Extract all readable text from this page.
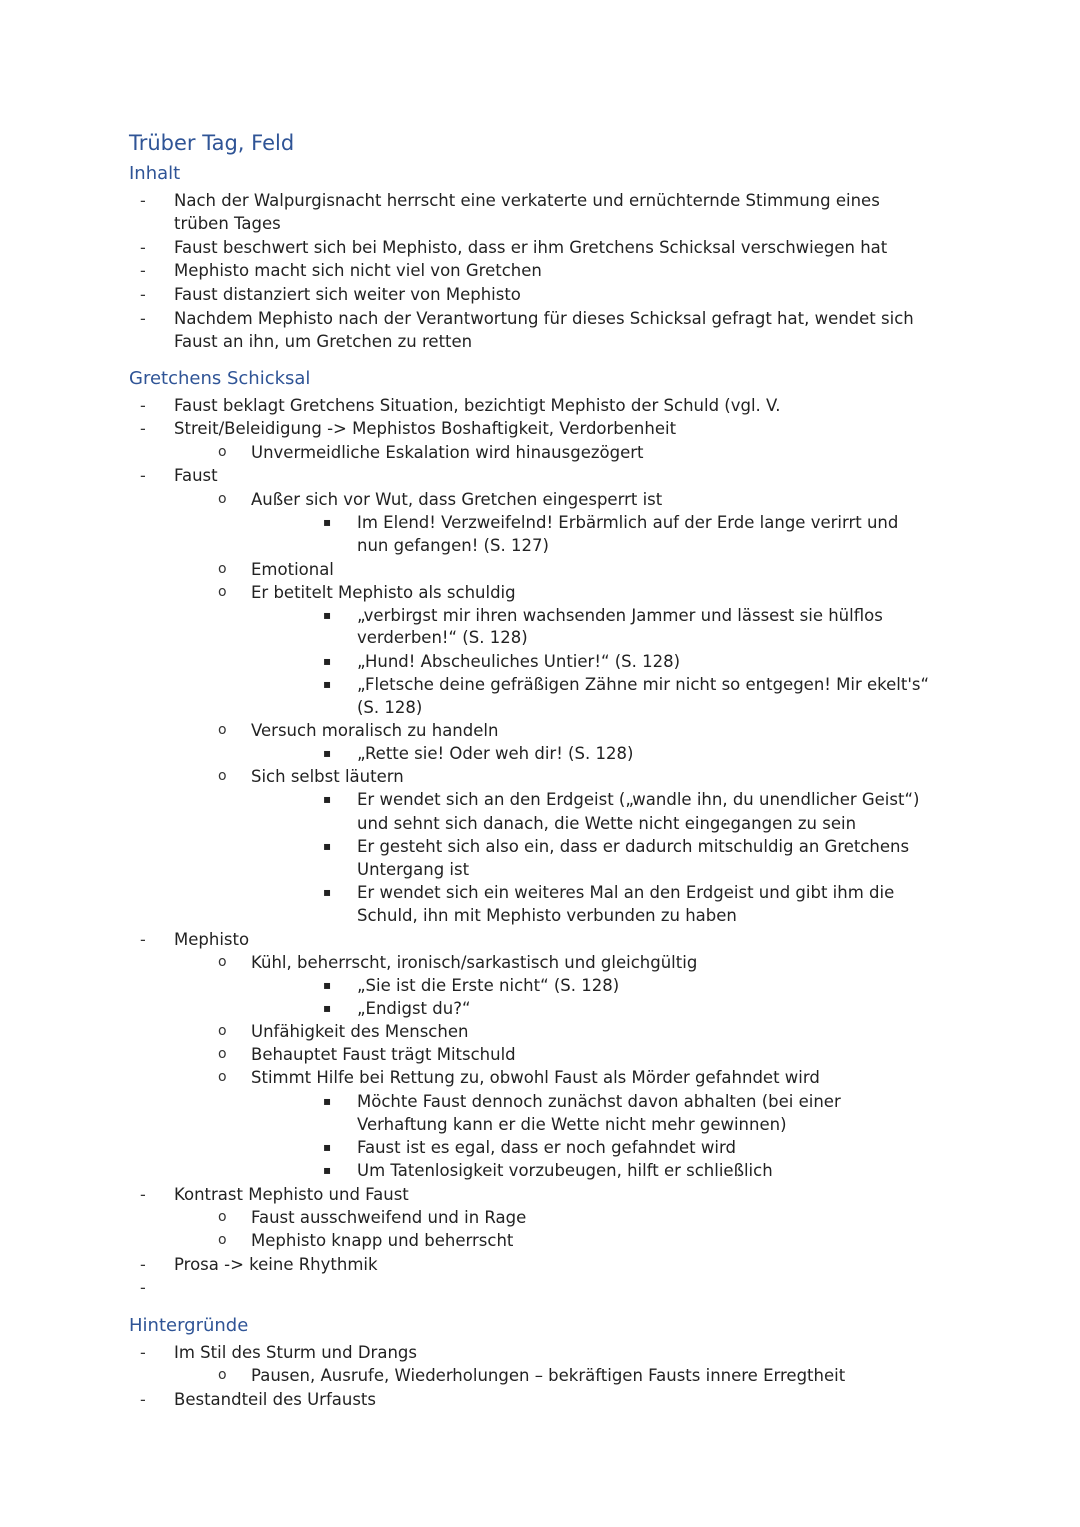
Trüber Tag, Feld
Inhalt
- Nach der Walpurgisnacht herrscht eine verkaterte und ernüchternde Stimmung eines
trüben Tages
- Faust beschwert sich bei Mephisto, dass er ihm Gretchens Schicksal verschwiegen hat
- Mephisto macht sich nicht viel von Gretchen
- Faust distanziert sich weiter von Mephisto
- Nachdem Mephisto nach der Verantwortung für dieses Schicksal gefragt hat, wendet sich
Faust an ihn, um Gretchen zu retten
Gretchens Schicksal
- Faust beklagt Gretchens Situation, bezichtigt Mephisto der Schuld (vgl. V.
- Streit/Beleidigung -> Mephistos Boshaftigkeit, Verdorbenheit
o Unvermeidliche Eskalation wird hinausgezögert
- Faust
o Außer sich vor Wut, dass Gretchen eingesperrt ist
▪ Im Elend! Verzweifelnd! Erbärmlich auf der Erde lange verirrt und
nun gefangen! (S. 127)
o Emotional
o Er betitelt Mephisto als schuldig
▪ „verbirgst mir ihren wachsenden Jammer und lässest sie hülflos
verderben!“ (S. 128)
▪ „Hund! Abscheuliches Untier!“ (S. 128)
▪ „Fletsche deine gefräßigen Zähne mir nicht so entgegen! Mir ekelt's“
(S. 128)
o Versuch moralisch zu handeln
▪ „Rette sie! Oder weh dir! (S. 128)
o Sich selbst läutern
▪ Er wendet sich an den Erdgeist („wandle ihn, du unendlicher Geist“)
und sehnt sich danach, die Wette nicht eingegangen zu sein
▪ Er gesteht sich also ein, dass er dadurch mitschuldig an Gretchens
Untergang ist
▪ Er wendet sich ein weiteres Mal an den Erdgeist und gibt ihm die
Schuld, ihn mit Mephisto verbunden zu haben
- Mephisto
o Kühl, beherrscht, ironisch/sarkastisch und gleichgültig
▪ „Sie ist die Erste nicht“ (S. 128)
▪ „Endigst du?“
o Unfähigkeit des Menschen
o Behauptet Faust trägt Mitschuld
o Stimmt Hilfe bei Rettung zu, obwohl Faust als Mörder gefahndet wird
▪ Möchte Faust dennoch zunächst davon abhalten (bei einer
Verhaftung kann er die Wette nicht mehr gewinnen)
▪ Faust ist es egal, dass er noch gefahndet wird
▪ Um Tatenlosigkeit vorzubeugen, hilft er schließlich
- Kontrast Mephisto und Faust
o Faust ausschweifend und in Rage
o Mephisto knapp und beherrscht
- Prosa -> keine Rhythmik
-
Hintergründe
- Im Stil des Sturm und Drangs
o Pausen, Ausrufe, Wiederholungen – bekräftigen Fausts innere Erregtheit
- Bestandteil des Urfausts
